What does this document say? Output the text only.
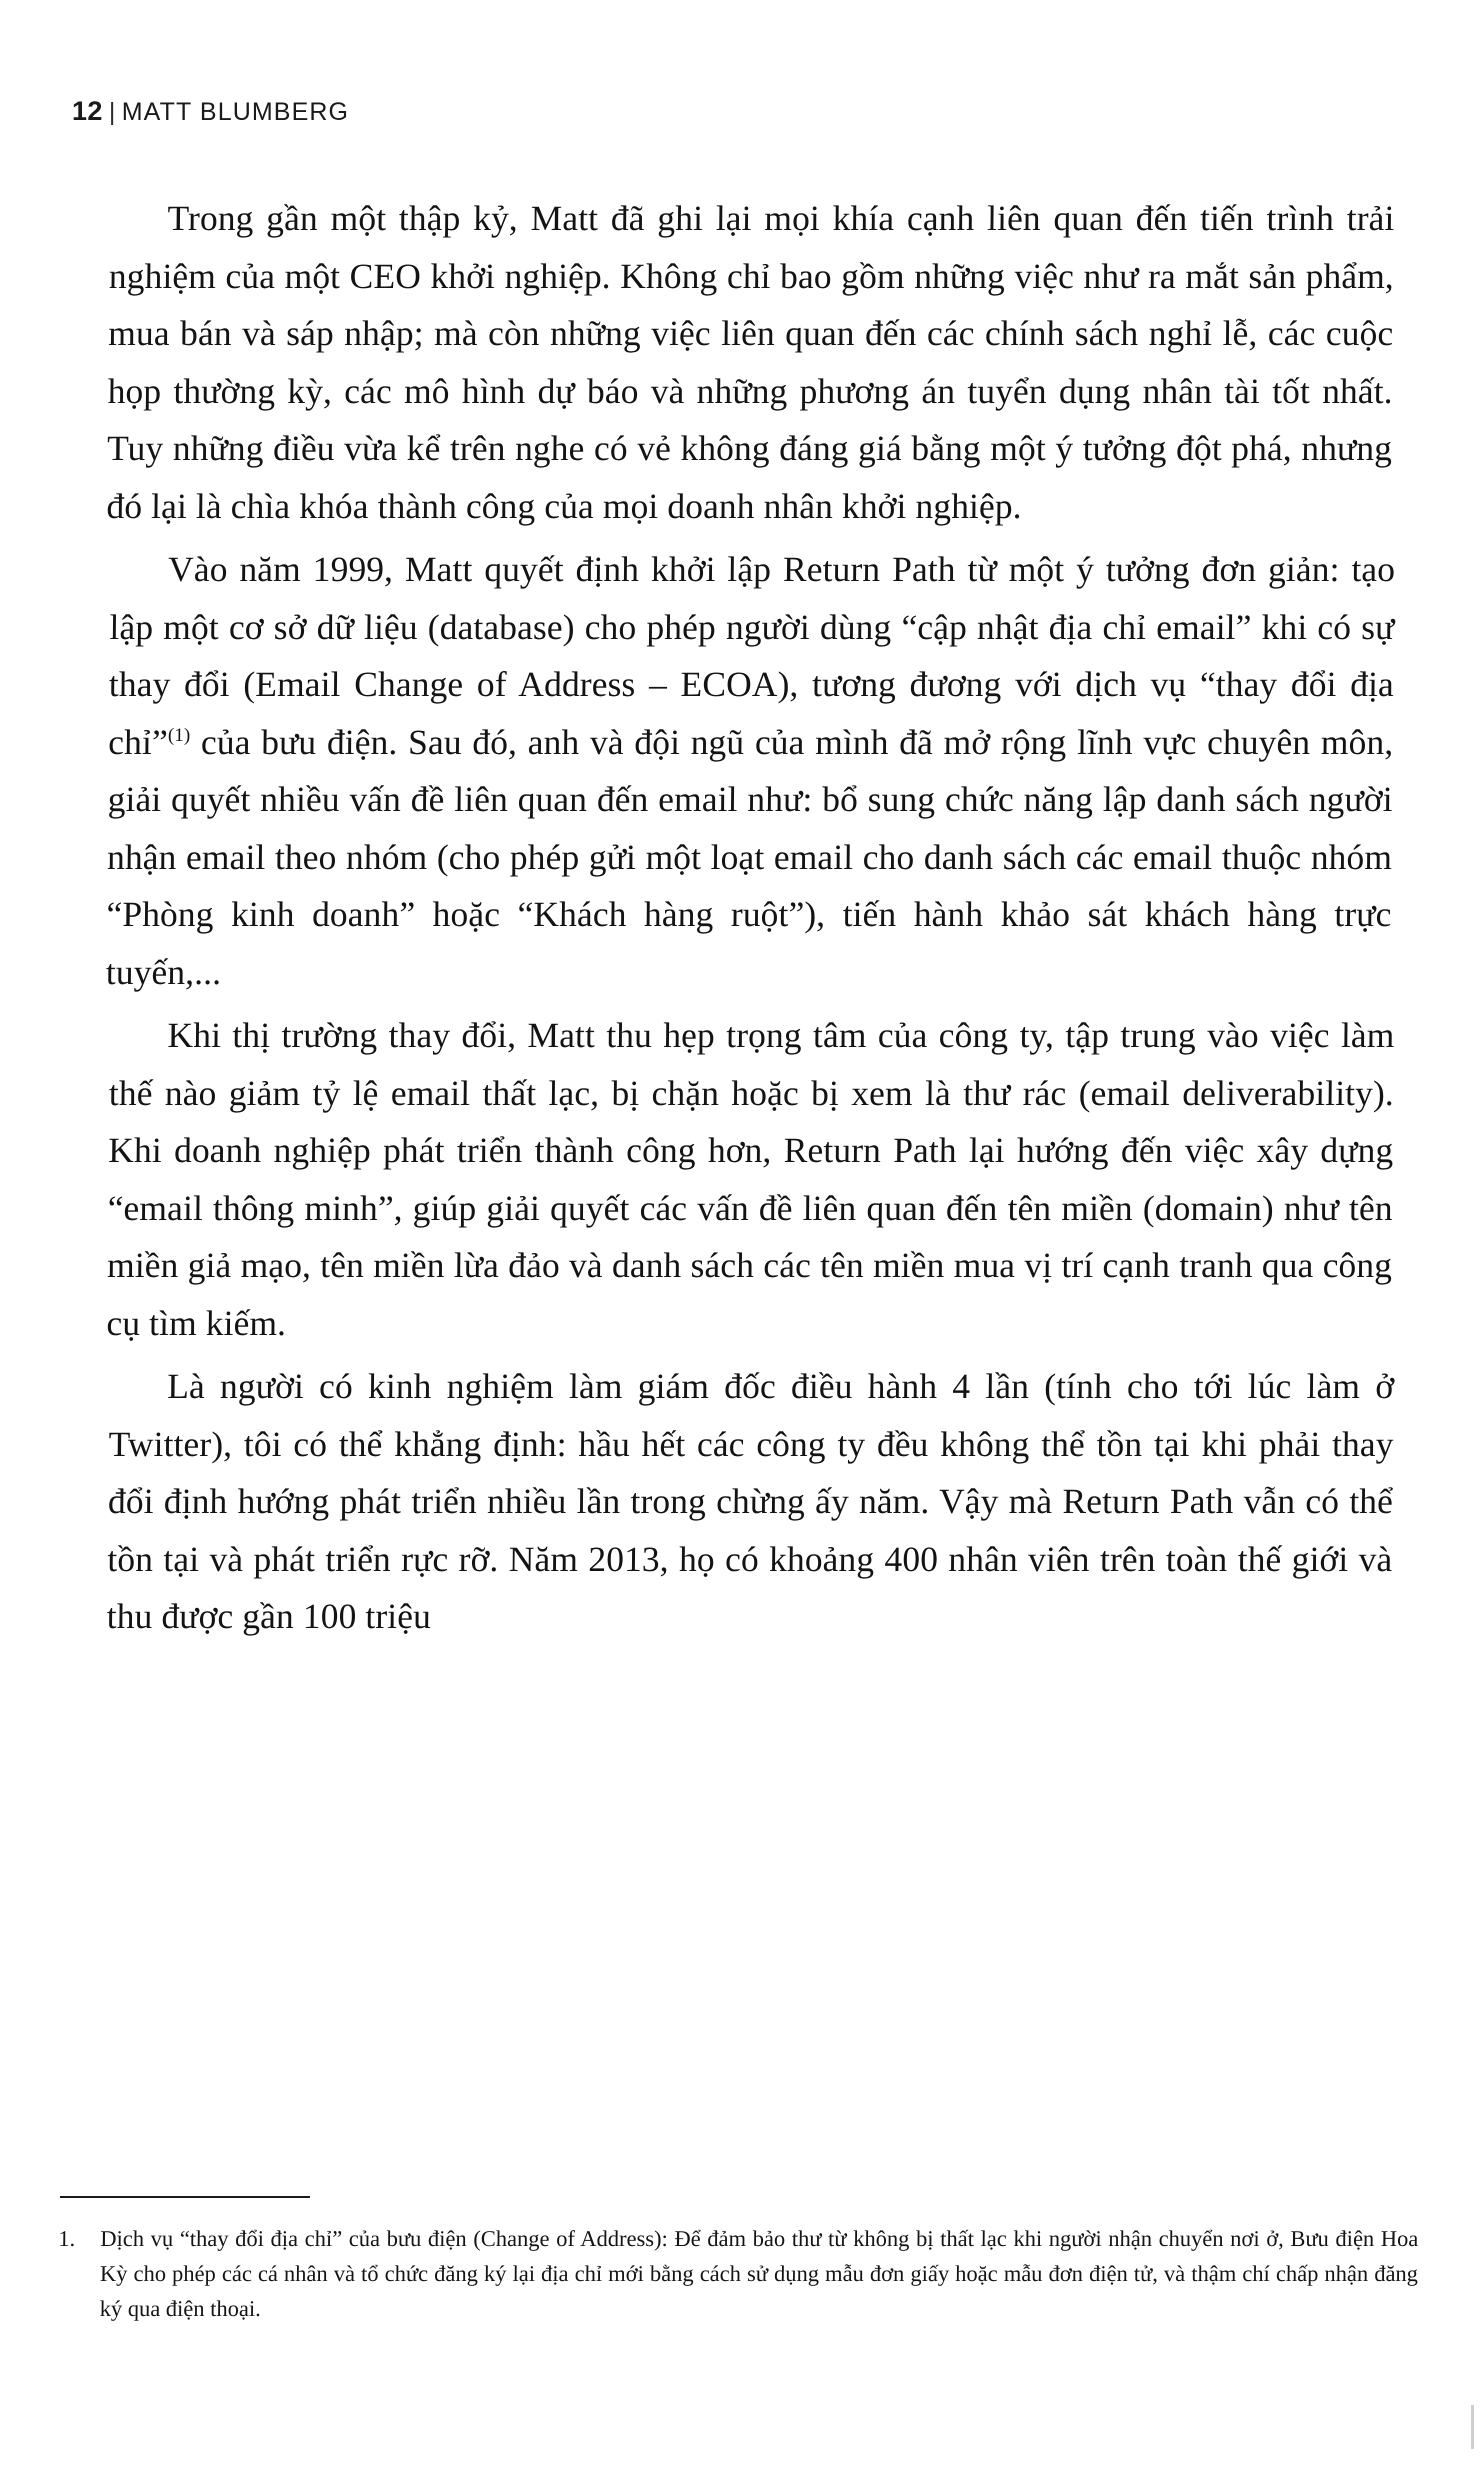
12 | MATT BLUMBERG

Trong gần một thập kỷ, Matt đã ghi lại mọi khía cạnh liên quan đến tiến trình trải nghiệm của một CEO khởi nghiệp. Không chỉ bao gồm những việc như ra mắt sản phẩm, mua bán và sáp nhập; mà còn những việc liên quan đến các chính sách nghỉ lễ, các cuộc họp thường kỳ, các mô hình dự báo và những phương án tuyển dụng nhân tài tốt nhất. Tuy những điều vừa kể trên nghe có vẻ không đáng giá bằng một ý tưởng đột phá, nhưng đó lại là chìa khóa thành công của mọi doanh nhân khởi nghiệp.

Vào năm 1999, Matt quyết định khởi lập Return Path từ một ý tưởng đơn giản: tạo lập một cơ sở dữ liệu (database) cho phép người dùng “cập nhật địa chỉ email” khi có sự thay đổi (Email Change of Address – ECOA), tương đương với dịch vụ “thay đổi địa chỉ”$^{(1)}$ của bưu điện. Sau đó, anh và đội ngũ của mình đã mở rộng lĩnh vực chuyên môn, giải quyết nhiều vấn đề liên quan đến email như: bổ sung chức năng lập danh sách người nhận email theo nhóm (cho phép gửi một loạt email cho danh sách các email thuộc nhóm “Phòng kinh doanh” hoặc “Khách hàng ruột”), tiến hành khảo sát khách hàng trực tuyến,...

Khi thị trường thay đổi, Matt thu hẹp trọng tâm của công ty, tập trung vào việc làm thế nào giảm tỷ lệ email thất lạc, bị chặn hoặc bị xem là thư rác (email deliverability). Khi doanh nghiệp phát triển thành công hơn, Return Path lại hướng đến việc xây dựng “email thông minh”, giúp giải quyết các vấn đề liên quan đến tên miền (domain) như tên miền giả mạo, tên miền lừa đảo và danh sách các tên miền mua vị trí cạnh tranh qua công cụ tìm kiếm.

Là người có kinh nghiệm làm giám đốc điều hành 4 lần (tính cho tới lúc làm ở Twitter), tôi có thể khẳng định: hầu hết các công ty đều không thể tồn tại khi phải thay đổi định hướng phát triển nhiều lần trong chừng ấy năm. Vậy mà Return Path vẫn có thể tồn tại và phát triển rực rỡ. Năm 2013, họ có khoảng 400 nhân viên trên toàn thế giới và thu được gần 100 triệu

1.	Dịch vụ “thay đổi địa chỉ” của bưu điện (Change of Address): Để đảm bảo thư từ không bị thất lạc khi người nhận chuyển nơi ở, Bưu điện Hoa Kỳ cho phép các cá nhân và tổ chức đăng ký lại địa chỉ mới bằng cách sử dụng mẫu đơn giấy hoặc mẫu đơn điện tử, và thậm chí chấp nhận đăng ký qua điện thoại.
